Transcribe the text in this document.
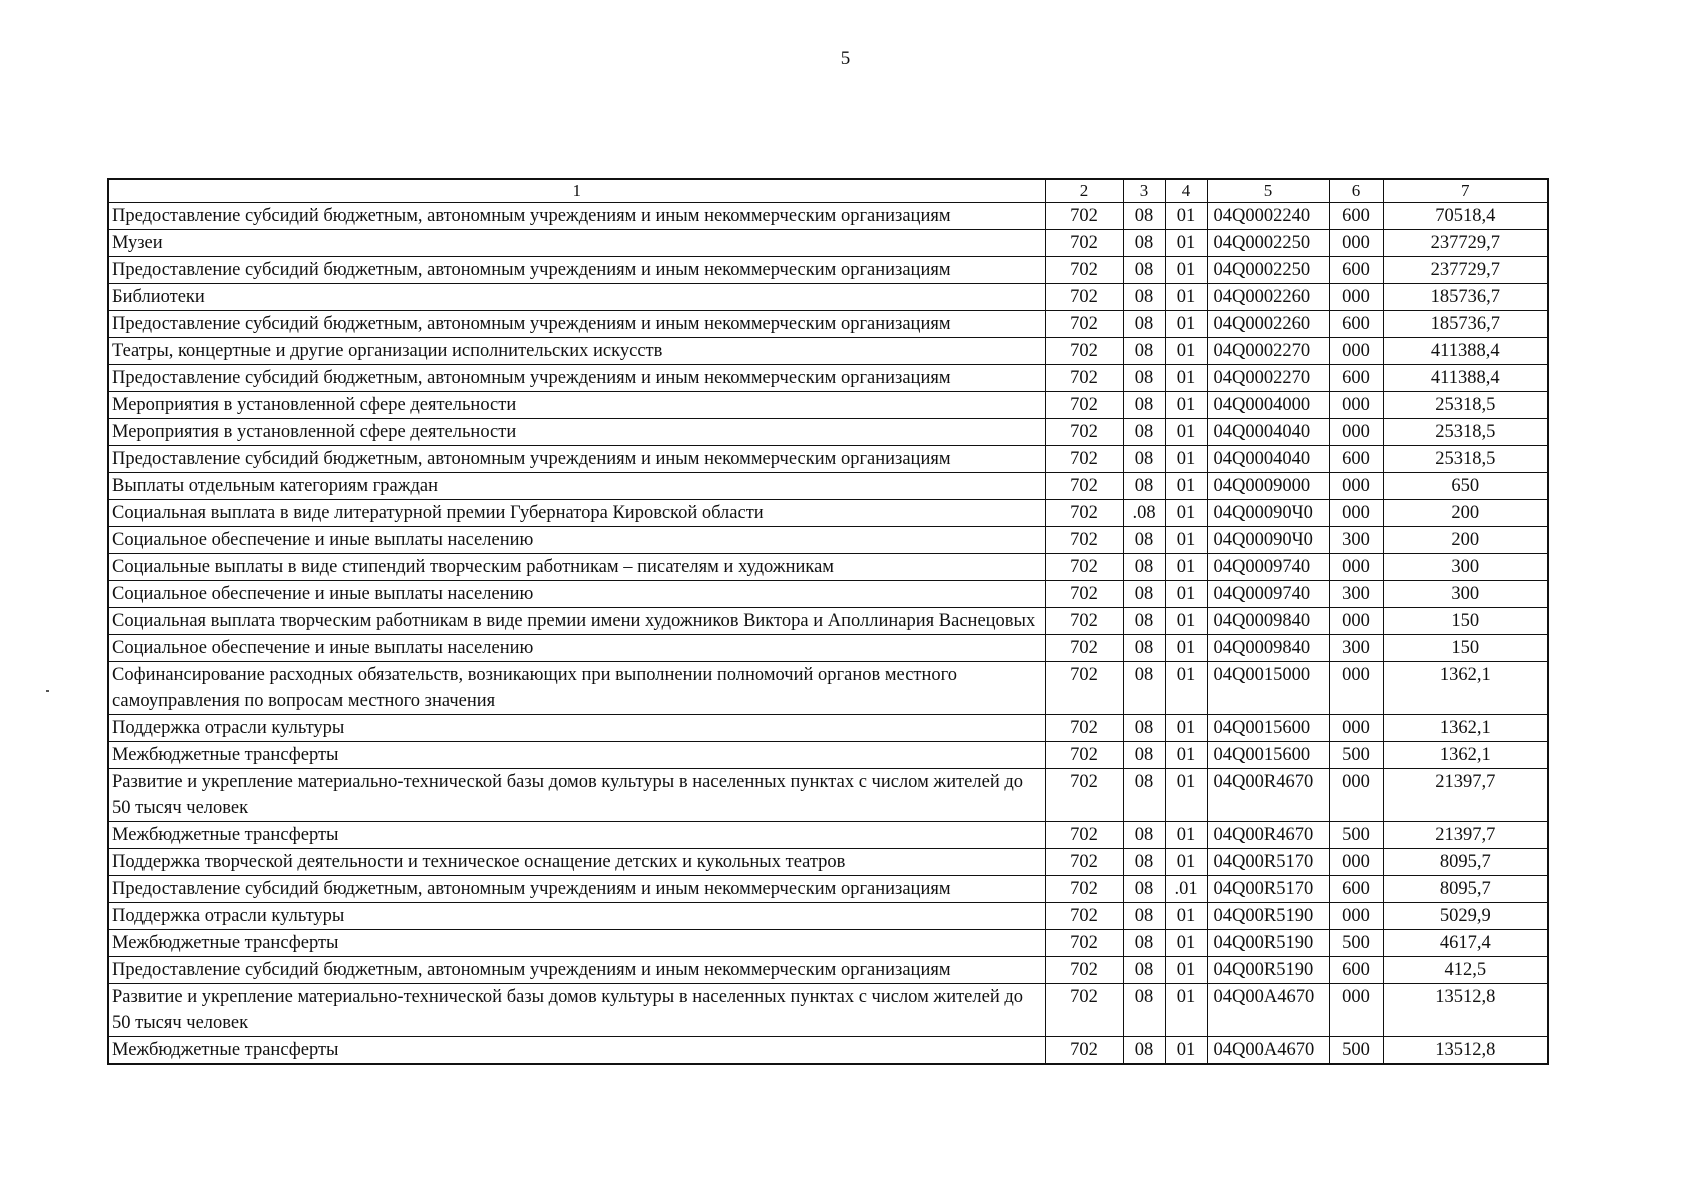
5
1	2	3	4	5	6	7
Предоставление субсидий бюджетным, автономным учреждениям и иным некоммерческим организациям	702	08	01	04Q0002240	600	70518,4
Музеи	702	08	01	04Q0002250	000	237729,7
Предоставление субсидий бюджетным, автономным учреждениям и иным некоммерческим организациям	702	08	01	04Q0002250	600	237729,7
Библиотеки	702	08	01	04Q0002260	000	185736,7
Предоставление субсидий бюджетным, автономным учреждениям и иным некоммерческим организациям	702	08	01	04Q0002260	600	185736,7
Театры, концертные и другие организации исполнительских искусств	702	08	01	04Q0002270	000	411388,4
Предоставление субсидий бюджетным, автономным учреждениям и иным некоммерческим организациям	702	08	01	04Q0002270	600	411388,4
Мероприятия в установленной сфере деятельности	702	08	01	04Q0004000	000	25318,5
Мероприятия в установленной сфере деятельности	702	08	01	04Q0004040	000	25318,5
Предоставление субсидий бюджетным, автономным учреждениям и иным некоммерческим организациям	702	08	01	04Q0004040	600	25318,5
Выплаты отдельным категориям граждан	702	08	01	04Q0009000	000	650
Социальная выплата в виде литературной премии Губернатора Кировской области	702	.08	01	04Q00090Ч0	000	200
Социальное обеспечение и иные выплаты населению	702	08	01	04Q00090Ч0	300	200
Социальные выплаты в виде стипендий творческим работникам – писателям и художникам	702	08	01	04Q0009740	000	300
Социальное обеспечение и иные выплаты населению	702	08	01	04Q0009740	300	300
Социальная выплата творческим работникам в виде премии имени художников Виктора и Аполлинария Васнецовых	702	08	01	04Q0009840	000	150
Социальное обеспечение и иные выплаты населению	702	08	01	04Q0009840	300	150
Софинансирование расходных обязательств, возникающих при выполнении полномочий органов местного самоуправления по вопросам местного значения	702	08	01	04Q0015000	000	1362,1
Поддержка отрасли культуры	702	08	01	04Q0015600	000	1362,1
Межбюджетные трансферты	702	08	01	04Q0015600	500	1362,1
Развитие и укрепление материально-технической базы домов культуры в населенных пунктах с числом жителей до 50 тысяч человек	702	08	01	04Q00R4670	000	21397,7
Межбюджетные трансферты	702	08	01	04Q00R4670	500	21397,7
Поддержка творческой деятельности и техническое оснащение детских и кукольных театров	702	08	01	04Q00R5170	000	8095,7
Предоставление субсидий бюджетным, автономным учреждениям и иным некоммерческим организациям	702	08	.01	04Q00R5170	600	8095,7
Поддержка отрасли культуры	702	08	01	04Q00R5190	000	5029,9
Межбюджетные трансферты	702	08	01	04Q00R5190	500	4617,4
Предоставление субсидий бюджетным, автономным учреждениям и иным некоммерческим организациям	702	08	01	04Q00R5190	600	412,5
Развитие и укрепление материально-технической базы домов культуры в населенных пунктах с числом жителей до 50 тысяч человек	702	08	01	04Q00A4670	000	13512,8
Межбюджетные трансферты	702	08	01	04Q00A4670	500	13512,8
